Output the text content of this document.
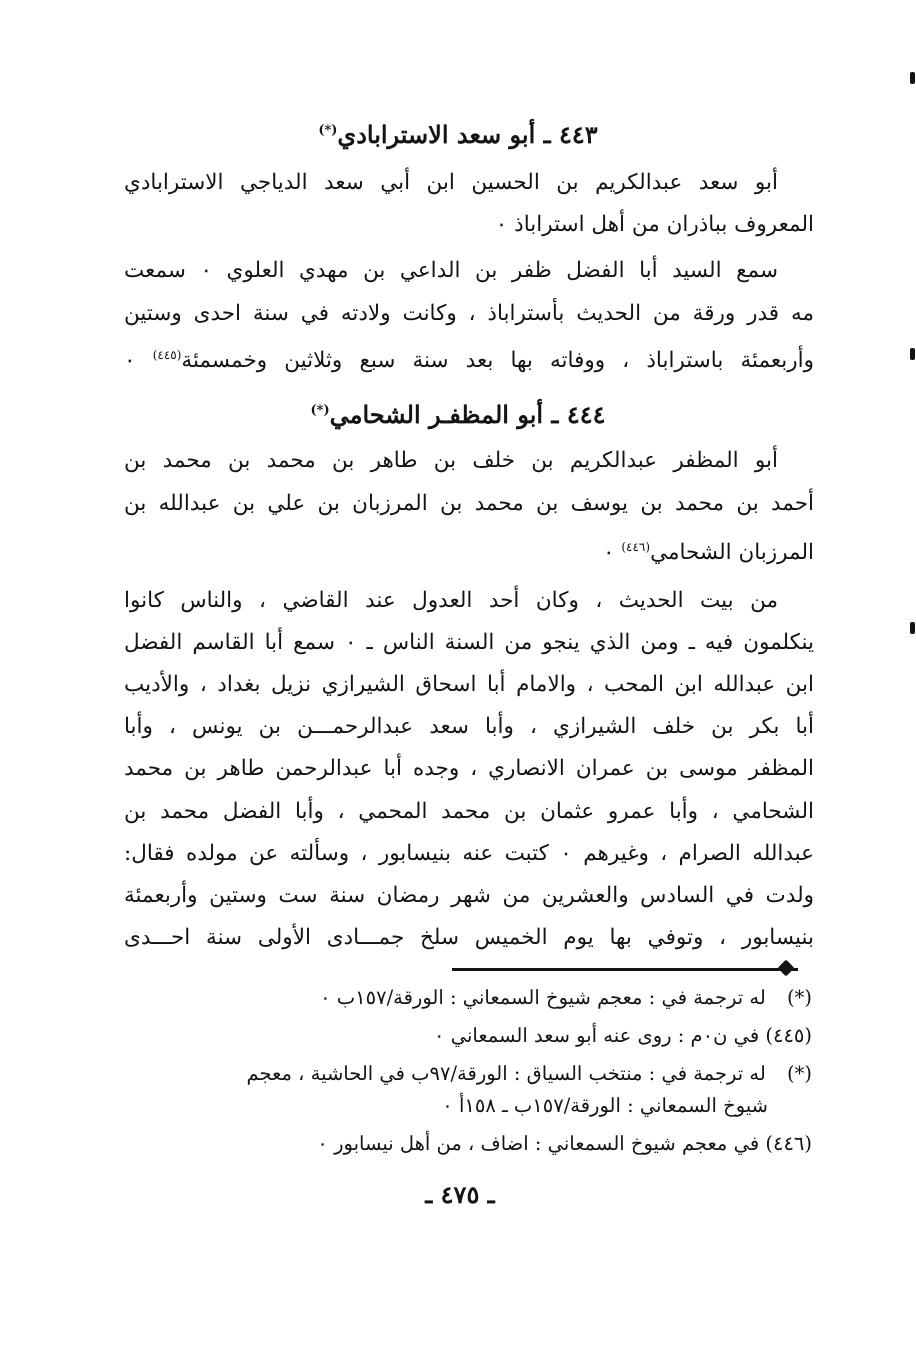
٤٤٣ ـ أبو سعد الاسترابادي(*)
أبو سعد عبدالكريم بن الحسين ابن أبي سعد الدياجي الاسترابادي
المعروف بباذران من أهل استراباذ ٠
سمع السيد أبا الفضل ظفر بن الداعي بن مهدي العلوي ٠ سمعت
مه قدر ورقة من الحديث بأستراباذ ، وكانت ولادته في سنة احدى وستين
وأربعمئة باستراباذ ، ووفاته بها بعد سنة سبع وثلاثين وخمسمئة$^{(٤٤٥)}$ ٠
٤٤٤ ـ أبو المظفـر الشحامي(*)
أبو المظفر عبدالكريم بن خلف بن طاهر بن محمد بن محمد بن
أحمد بن محمد بن يوسف بن محمد بن المرزبان بن علي بن عبدالله بن
المرزبان الشحامي$^{(٤٤٦)}$ ٠
من بيت الحديث ، وكان أحد العدول عند القاضي ، والناس كانوا
ينكلمون فيه ـ ومن الذي ينجو من السنة الناس ـ ٠ سمع أبا القاسم الفضل
ابن عبدالله ابن المحب ، والامام أبا اسحاق الشيرازي نزيل بغداد ، والأديب
أبا بكر بن خلف الشيرازي ، وأبا سعد عبدالرحمـــن بن يونس ، وأبا
المظفر موسى بن عمران الانصاري ، وجده أبا عبدالرحمن طاهر بن محمد
الشحامي ، وأبا عمرو عثمان بن محمد المحمي ، وأبا الفضل محمد بن
عبدالله الصرام ، وغيرهم ٠ كتبت عنه بنيسابور ، وسألته عن مولده فقال:
ولدت في السادس والعشرين من شهر رمضان سنة ست وستين وأربعمئة
بنيسابور ، وتوفي بها يوم الخميس سلخ جمـــادى الأولى سنة احـــدى
(*) له ترجمة في : معجم شيوخ السمعاني : الورقة/١٥٧ب ٠
(٤٤٥) في ن٠م : روى عنه أبو سعد السمعاني ٠
(*) له ترجمة في : منتخب السياق : الورقة/٩٧ب في الحاشية ، معجم
شيوخ السمعاني : الورقة/١٥٧ب ـ ١٥٨أ ٠
(٤٤٦) في معجم شيوخ السمعاني : اضاف ، من أهل نيسابور ٠
ـ ٤٧٥ ـ
